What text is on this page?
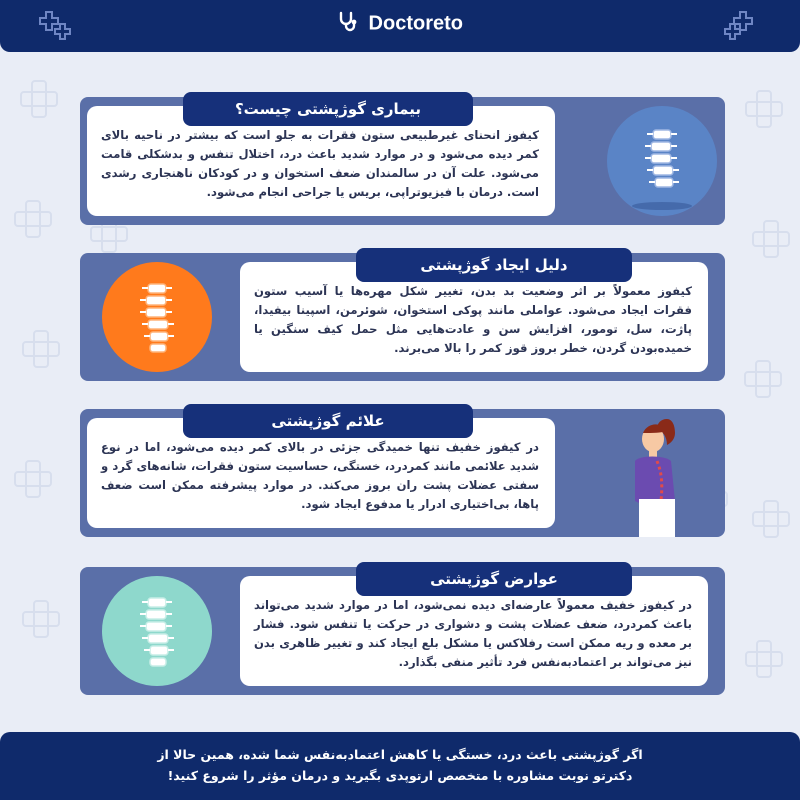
Doctoreto
بیماری گوژپشتی چیست؟

کیفوز انحنای غیرطبیعی ستون فقرات به جلو است که بیشتر در ناحیه بالای کمر دیده می‌شود و در موارد شدید باعث درد، اختلال تنفس و بدشکلی قامت می‌شود. علت آن در سالمندان ضعف استخوان و در کودکان ناهنجاری رشدی است. درمان با فیزیوتراپی، بریس یا جراحی انجام می‌شود.

دلیل ایجاد گوژپشتی

کیفوز معمولاً بر اثر وضعیت بد بدن، تغییر شکل مهره‌ها یا آسیب ستون فقرات ایجاد می‌شود. عواملی مانند پوکی استخوان، شوئرمن، اسپینا بیفیدا، پاژت، سل، تومور، افزایش سن و عادت‌هایی مثل حمل کیف سنگین یا خمیده‌بودن گردن، خطر بروز قوز کمر را بالا می‌برند.

علائم گوژپشتی

در کیفوز خفیف تنها خمیدگی جزئی در بالای کمر دیده می‌شود، اما در نوع شدید علائمی مانند کمردرد، خستگی، حساسیت ستون فقرات، شانه‌های گرد و سفتی عضلات پشت ران بروز می‌کند. در موارد پیشرفته ممکن است ضعف پاها، بی‌اختیاری ادرار یا مدفوع ایجاد شود.

عوارض گوژپشتی

در کیفوز خفیف معمولاً عارضه‌ای دیده نمی‌شود، اما در موارد شدید می‌تواند باعث کمردرد، ضعف عضلات پشت و دشواری در حرکت یا تنفس شود. فشار بر معده و ریه ممکن است رفلاکس یا مشکل بلع ایجاد کند و تغییر ظاهری بدن نیز می‌تواند بر اعتمادبه‌نفس فرد تأثیر منفی بگذارد.

اگر گوژپشتی باعث درد، خستگی یا کاهش اعتمادبه‌نفس شما شده، همین حالا از
دکترتو نوبت مشاوره با متخصص ارتوپدی بگیرید و درمان مؤثر را شروع کنید!
